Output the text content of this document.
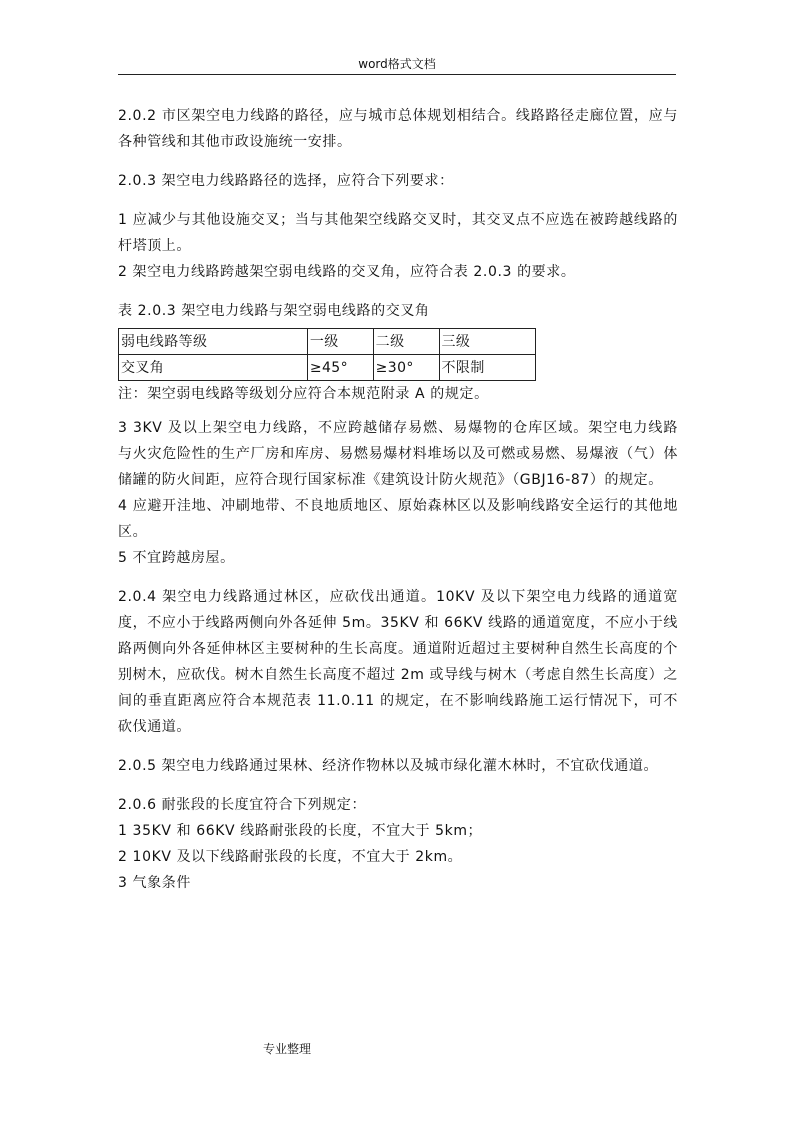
word格式文档

2.0.2 市区架空电力线路的路径，应与城市总体规划相结合。线路路径走廊位置，应与各种管线和其他市政设施统一安排。

2.0.3 架空电力线路路径的选择，应符合下列要求：

1 应减少与其他设施交叉；当与其他架空线路交叉时，其交叉点不应选在被跨越线路的杆塔顶上。

2 架空电力线路跨越架空弱电线路的交叉角，应符合表 2.0.3 的要求。

表 2.0.3 架空电力线路与架空弱电线路的交叉角

弱电线路等级	一级	二级	三级
交叉角	≥45°	≥30°	不限制

注：架空弱电线路等级划分应符合本规范附录 A 的规定。

3 3KV 及以上架空电力线路，不应跨越储存易燃、易爆物的仓库区域。架空电力线路与火灾危险性的生产厂房和库房、易燃易爆材料堆场以及可燃或易燃、易爆液（气）体储罐的防火间距，应符合现行国家标准《建筑设计防火规范》（GBJ16-87）的规定。

4 应避开洼地、冲刷地带、不良地质地区、原始森林区以及影响线路安全运行的其他地区。

5 不宜跨越房屋。

2.0.4 架空电力线路通过林区，应砍伐出通道。10KV 及以下架空电力线路的通道宽度，不应小于线路两侧向外各延伸 5m。35KV 和 66KV 线路的通道宽度，不应小于线路两侧向外各延伸林区主要树种的生长高度。通道附近超过主要树种自然生长高度的个别树木，应砍伐。树木自然生长高度不超过 2m 或导线与树木（考虑自然生长高度）之间的垂直距离应符合本规范表 11.0.11 的规定，在不影响线路施工运行情况下，可不砍伐通道。

2.0.5 架空电力线路通过果林、经济作物林以及城市绿化灌木林时，不宜砍伐通道。

2.0.6 耐张段的长度宜符合下列规定：

1 35KV 和 66KV 线路耐张段的长度，不宜大于 5km；

2 10KV 及以下线路耐张段的长度，不宜大于 2km。

3 气象条件

专业整理
